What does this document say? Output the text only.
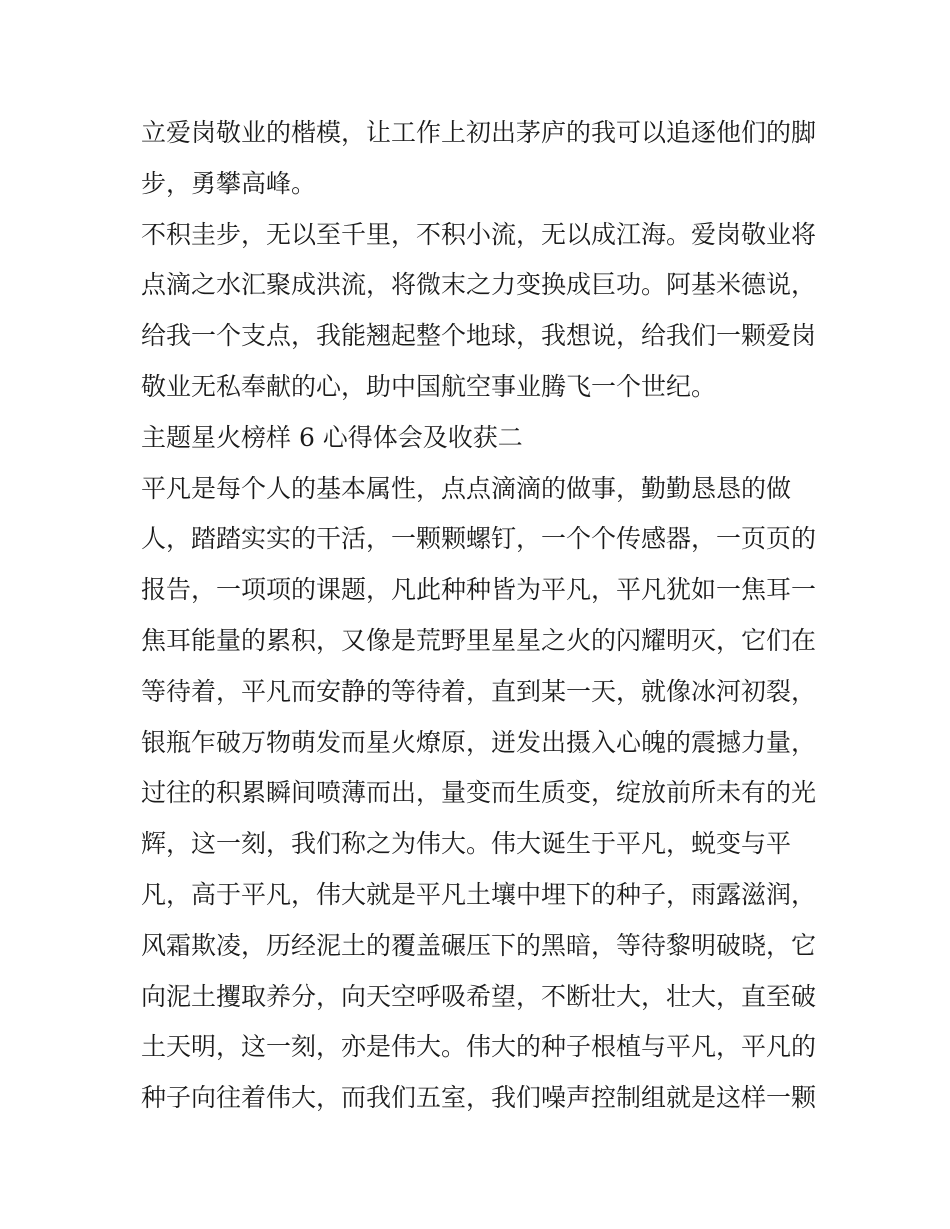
立爱岗敬业的楷模，让工作上初出茅庐的我可以追逐他们的脚
步，勇攀高峰。
不积圭步，无以至千里，不积小流，无以成江海。爱岗敬业将
点滴之水汇聚成洪流，将微末之力变换成巨功。阿基米德说，
给我一个支点，我能翘起整个地球，我想说，给我们一颗爱岗
敬业无私奉献的心，助中国航空事业腾飞一个世纪。
主题星火榜样 6 心得体会及收获二
平凡是每个人的基本属性，点点滴滴的做事，勤勤恳恳的做
人，踏踏实实的干活，一颗颗螺钉，一个个传感器，一页页的
报告，一项项的课题，凡此种种皆为平凡，平凡犹如一焦耳一
焦耳能量的累积，又像是荒野里星星之火的闪耀明灭，它们在
等待着，平凡而安静的等待着，直到某一天，就像冰河初裂，
银瓶乍破万物萌发而星火燎原，迸发出摄入心魄的震撼力量，
过往的积累瞬间喷薄而出，量变而生质变，绽放前所未有的光
辉，这一刻，我们称之为伟大。伟大诞生于平凡，蜕变与平
凡，高于平凡，伟大就是平凡土壤中埋下的种子，雨露滋润，
风霜欺凌，历经泥土的覆盖碾压下的黑暗，等待黎明破晓，它
向泥土攫取养分，向天空呼吸希望，不断壮大，壮大，直至破
土天明，这一刻，亦是伟大。伟大的种子根植与平凡，平凡的
种子向往着伟大，而我们五室，我们噪声控制组就是这样一颗
